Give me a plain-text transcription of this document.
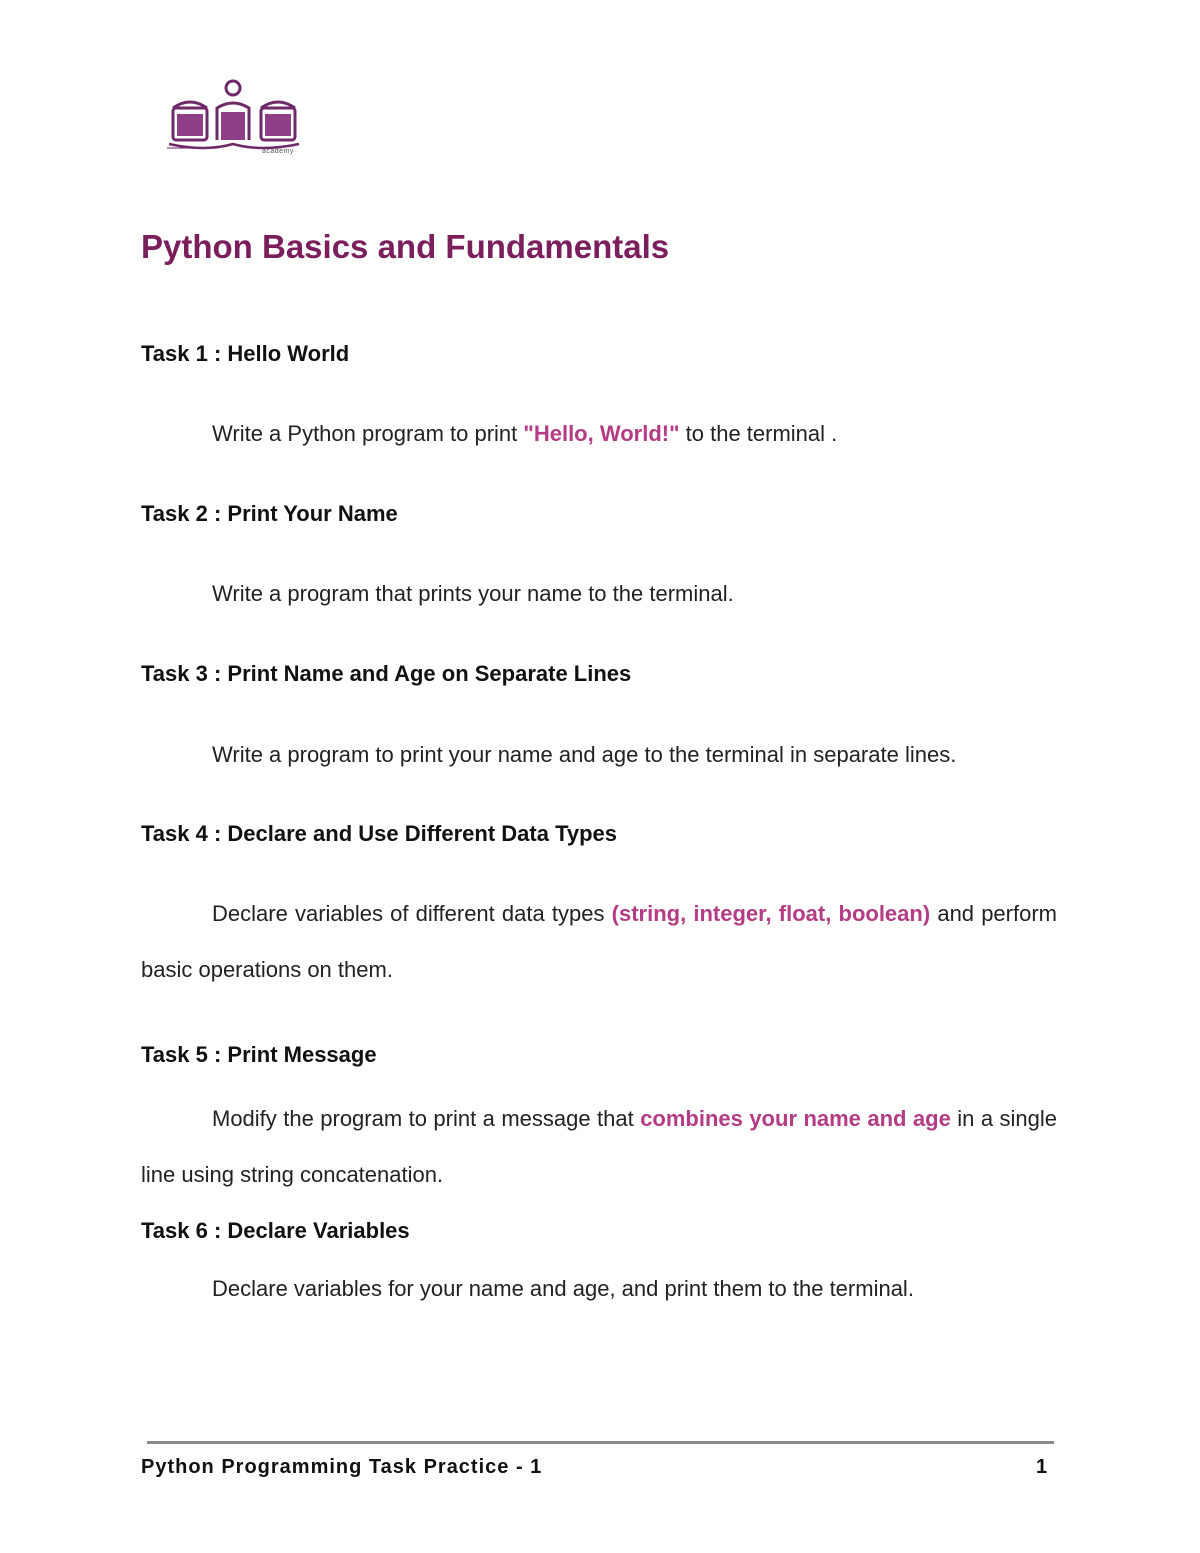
academy
Python Basics and Fundamentals
Task 1 : Hello World

Write a Python program to print "Hello, World!" to the terminal .

Task 2 : Print Your Name

Write a program that prints your name to the terminal.

Task 3 : Print Name and Age on Separate Lines

Write a program to print your name and age to the terminal in separate lines.

Task 4 : Declare and Use Different Data Types

Declare variables of different data types (string, integer, float, boolean) and perform basic operations on them.

Task 5 : Print Message

Modify the program to print a message that combines your name and age in a single line using string concatenation.

Task 6 : Declare Variables

Declare variables for your name and age, and print them to the terminal.

Python Programming Task Practice - 1	1
